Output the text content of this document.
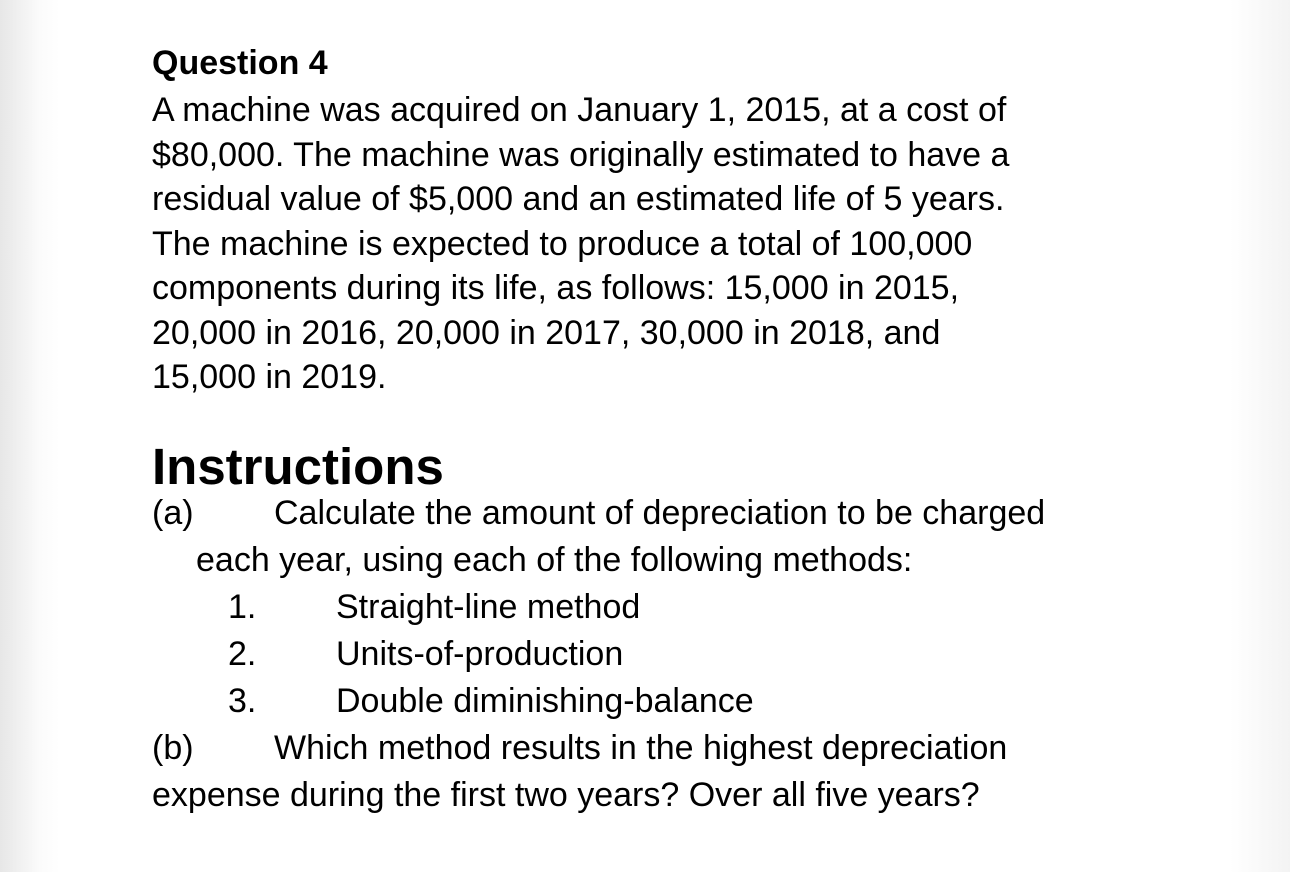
Question 4
A machine was acquired on January 1, 2015, at a cost of
$80,000. The machine was originally estimated to have a
residual value of $5,000 and an estimated life of 5 years.
The machine is expected to produce a total of 100,000
components during its life, as follows: 15,000 in 2015,
20,000 in 2016, 20,000 in 2017, 30,000 in 2018, and
15,000 in 2019.
Instructions

(a) Calculate the amount of depreciation to be charged

each year, using each of the following methods:

1. Straight-line method

2. Units-of-production

3. Double diminishing-balance

(b) Which method results in the highest depreciation

expense during the first two years? Over all five years?
